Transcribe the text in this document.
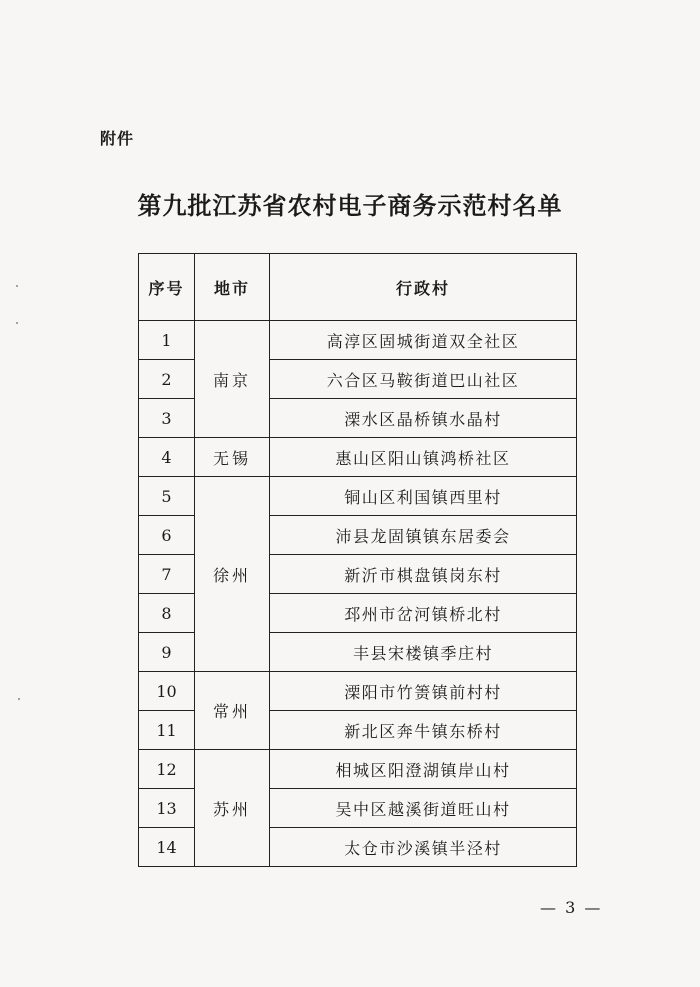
附件
第九批江苏省农村电子商务示范村名单
序号	地市	行政村
1	南京	高淳区固城街道双全社区
2		六合区马鞍街道巴山社区
3		溧水区晶桥镇水晶村
4	无锡	惠山区阳山镇鸿桥社区
5	徐州	铜山区利国镇西里村
6		沛县龙固镇镇东居委会
7		新沂市棋盘镇岗东村
8		邳州市岔河镇桥北村
9		丰县宋楼镇季庄村
10	常州	溧阳市竹箦镇前村村
11		新北区奔牛镇东桥村
12	苏州	相城区阳澄湖镇岸山村
13		吴中区越溪街道旺山村
14		太仓市沙溪镇半泾村
— 3 —
